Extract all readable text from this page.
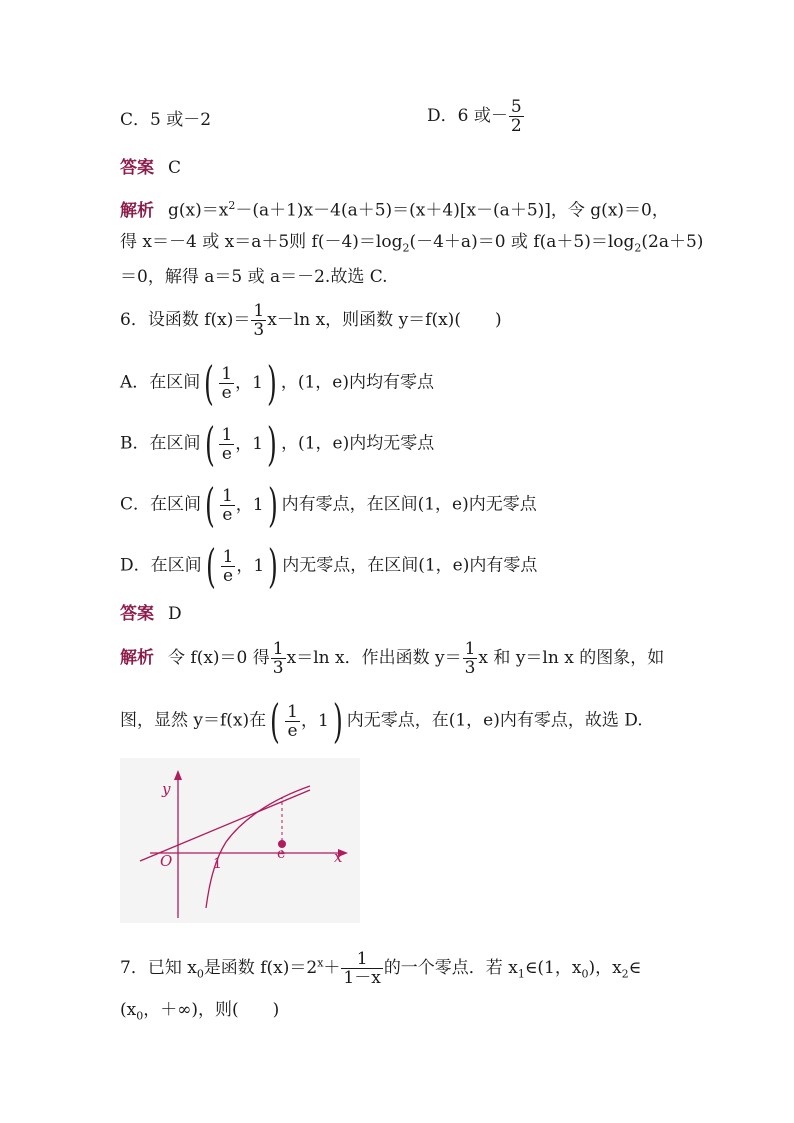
C．5 或－2	D．6 或－ $\frac{5}{2}$
答案 C
解析 $g(x)=x^2-(a+1)x-4(a+5)=(x+4)[x-(a+5)]$，令 g(x)＝0，
得 x＝－4 或 x＝a＋5则 $f(-4)=\log_2(-4+a)=0$ 或 $f(a+5)=\log_2(2a+5)$
＝0，解得 a＝5 或 a＝－2.故选 C.
6．设函数 $f(x)= \frac{1}{3} x-\ln$ x，则函数 y＝f(x)(　　)
A．在区间 ( $\frac{1}{e}$ ， 1 ) ，(1，e)内均有零点
B．在区间 ( $\frac{1}{e}$ ， 1 ) ，(1，e)内均无零点
C．在区间 ( $\frac{1}{e}$ ， 1 ) 内有零点，在区间(1，e)内无零点
D．在区间 ( $\frac{1}{e}$ ， 1 ) 内无零点，在区间(1，e)内有零点
答案 D
解析 令 f(x)＝0 得 $\frac{1}{3} x=\ln$ x．作出函数 $y= \frac{1}{3}$ x 和 y＝ln x 的图象，如
图，显然 y＝f(x)在 ( $\frac{1}{e}$ ， 1 ) 内无零点，在(1，e)内有零点，故选 D.
y
x
O	1
e
7．已知 $x_0$是函数 $f(x)=2^x+ \frac{1}{1-x}$ 的一个零点．若 $x_1\in(1$，$x_0$)，$x_2\in$
($x_0$，＋∞)，则(　　)
